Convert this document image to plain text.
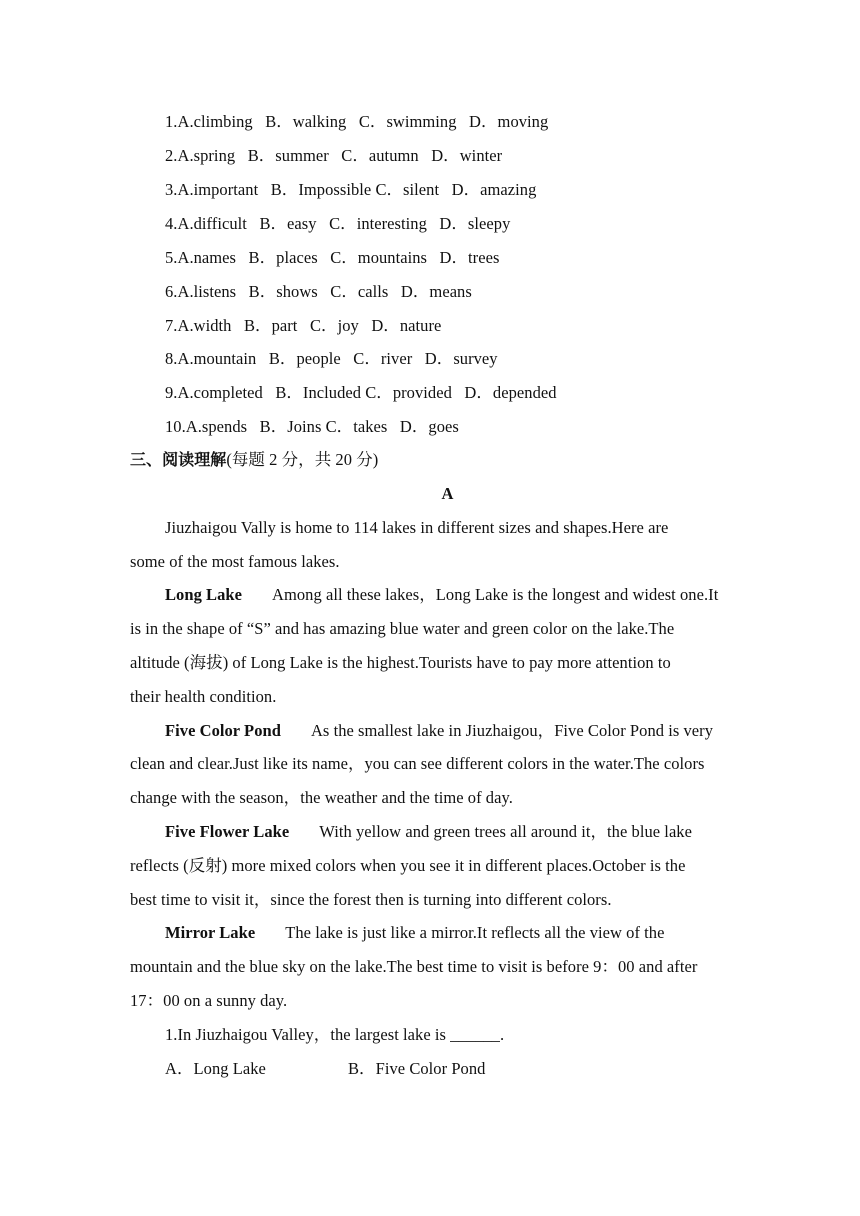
1.A.climbing   B．walking   C．swimming   D．moving
2.A.spring   B．summer   C．autumn   D．winter
3.A.important   B．Impossible C．silent   D．amazing
4.A.difficult   B．easy   C．interesting   D．sleepy
5.A.names   B．places   C．mountains   D．trees
6.A.listens   B．shows   C．calls   D．means
7.A.width   B．part   C．joy   D．nature
8.A.mountain   B．people   C．river   D．survey
9.A.completed   B．Included C．provided   D．depended
10.A.spends   B．Joins C．takes   D．goes
三、阅读理解(每题 2 分，共 20 分)
A
Jiuzhaigou Vally is home to 114 lakes in different sizes and shapes.Here are
some of the most famous lakes.
Long Lake Among all these lakes，Long Lake is the longest and widest one.It
is in the shape of “S” and has amazing blue water and green color on the lake.The
altitude (海拔) of Long Lake is the highest.Tourists have to pay more attention to
their health condition.
Five Color Pond As the smallest lake in Jiuzhaigou，Five Color Pond is very
clean and clear.Just like its name，you can see different colors in the water.The colors
change with the season，the weather and the time of day.
Five Flower Lake With yellow and green trees all around it，the blue lake
reflects (反射) more mixed colors when you see it in different places.October is the
best time to visit it，since the forest then is turning into different colors.
Mirror Lake The lake is just like a mirror.It reflects all the view of the
mountain and the blue sky on the lake.The best time to visit is before 9：00 and after
17：00 on a sunny day.
1.In Jiuzhaigou Valley，the largest lake is ______.
A．Long Lake	B．Five Color Pond
